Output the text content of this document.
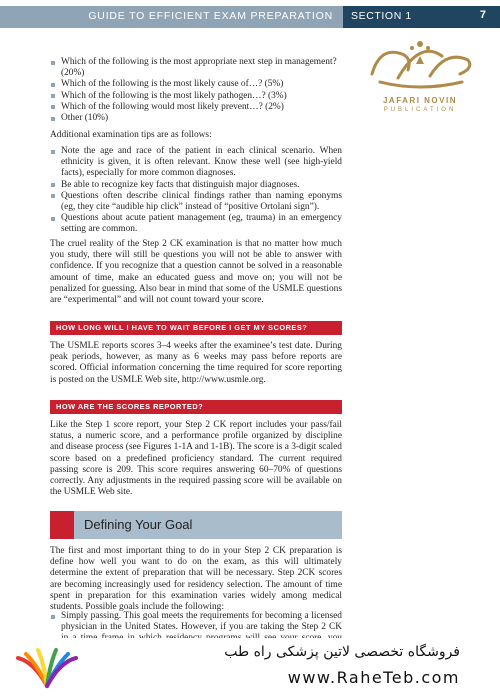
GUIDE TO EFFICIENT EXAM PREPARATION SECTION 1	7
JAFARI NOVIN
PUBLICATION
Which of the following is the most appropriate next step in management? (20%)
Which of the following is the most likely cause of…? (5%)
Which of the following is the most likely pathogen…? (3%)
Which of the following would most likely prevent…? (2%)
Other (10%)
Additional examination tips are as follows:
Note the age and race of the patient in each clinical scenario. When ethnicity is given, it is often relevant. Know these well (see high-yield facts), especially for more common diagnoses.
Be able to recognize key facts that distinguish major diagnoses.
Questions often describe clinical findings rather than naming eponyms (eg, they cite “audible hip click” instead of “positive Ortolani sign”).
Questions about acute patient management (eg, trauma) in an emergency setting are common.
The cruel reality of the Step 2 CK examination is that no matter how much you study, there will still be questions you will not be able to answer with confidence. If you recognize that a question cannot be solved in a reasonable amount of time, make an educated guess and move on; you will not be penalized for guessing. Also bear in mind that some of the USMLE questions are “experimental” and will not count toward your score.
HOW LONG WILL I HAVE TO WAIT BEFORE I GET MY SCORES?
The USMLE reports scores 3–4 weeks after the examinee’s test date. During peak periods, however, as many as 6 weeks may pass before reports are scored. Official information concerning the time required for score reporting is posted on the USMLE Web site, http://www.usmle.org.
HOW ARE THE SCORES REPORTED?
Like the Step 1 score report, your Step 2 CK report includes your pass/fail status, a numeric score, and a performance profile organized by discipline and disease process (see Figures 1-1A and 1-1B). The score is a 3-digit scaled score based on a predefined proficiency standard. The current required passing score is 209. This score requires answering 60–70% of questions correctly. Any adjustments in the required passing score will be available on the USMLE Web site.
Defining Your Goal
The first and most important thing to do in your Step 2 CK preparation is define how well you want to do on the exam, as this will ultimately determine the extent of preparation that will be necessary. Step 2CK scores are becoming increasingly used for residency selection. The amount of time spent in preparation for this examination varies widely among medical students. Possible goals include the following:
Simply passing. This goal meets the requirements for becoming a licensed physician in the United States. However, if you are taking the Step 2 CK
فروشگاه تخصصی لاتین پزشکی راه طب
www.RaheTeb.com
